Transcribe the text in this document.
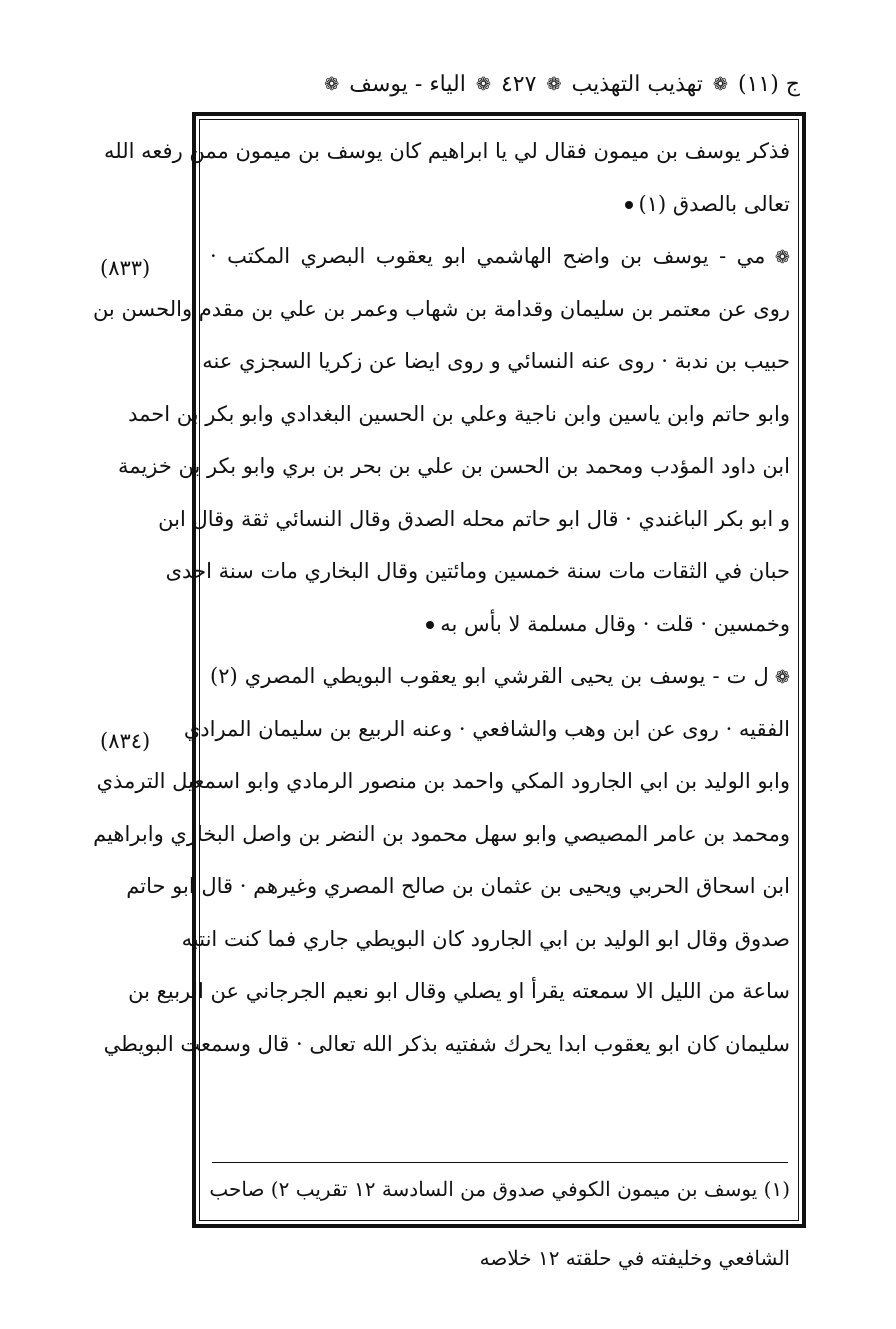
ج (١١)
❁
تهذيب التهذيب
❁
٤٢٧
❁
الياء - يوسف
❁
(٨٣٣)
(٨٣٤)
فذكر يوسف بن ميمون فقال لي يا ابراهيم كان يوسف بن ميمون ممن رفعه الله
تعالى بالصدق (١)
❁ مي - يوسف بن واضح الهاشمي ابو يعقوب البصري المكتب ·
روى عن معتمر بن سليمان وقدامة بن شهاب وعمر بن علي بن مقدم والحسن بن
حبيب بن ندبة · روى عنه النسائي و روى ايضا عن زكريا السجزي عنه
وابو حاتم وابن ياسين وابن ناجية وعلي بن الحسين البغدادي وابو بكر بن احمد
ابن داود المؤدب ومحمد بن الحسن بن علي بن بحر بن بري وابو بكر بن خزيمة
و ابو بكر الباغندي · قال ابو حاتم محله الصدق وقال النسائي ثقة وقال ابن
حبان في الثقات مات سنة خمسين ومائتين وقال البخاري مات سنة احدى
وخمسين · قلت · وقال مسلمة لا بأس به
❁ ل ت - يوسف بن يحيى القرشي ابو يعقوب البويطي المصري (٢)
الفقيه · روى عن ابن وهب والشافعي · وعنه الربيع بن سليمان المرادي
وابو الوليد بن ابي الجارود المكي واحمد بن منصور الرمادي وابو اسمعيل الترمذي
ومحمد بن عامر المصيصي وابو سهل محمود بن النضر بن واصل البخاري وابراهيم
ابن اسحاق الحربي ويحيى بن عثمان بن صالح المصري وغيرهم · قال ابو حاتم
صدوق وقال ابو الوليد بن ابي الجارود كان البويطي جاري فما كنت انتبه
ساعة من الليل الا سمعته يقرأ او يصلي وقال ابو نعيم الجرجاني عن الربيع بن
سليمان كان ابو يعقوب ابدا يحرك شفتيه بذكر الله تعالى · قال وسمعت البويطي
(١) يوسف بن ميمون الكوفي صدوق من السادسة ١٢ تقريب ٢) صاحب
الشافعي وخليفته في حلقته ١٢ خلاصه
